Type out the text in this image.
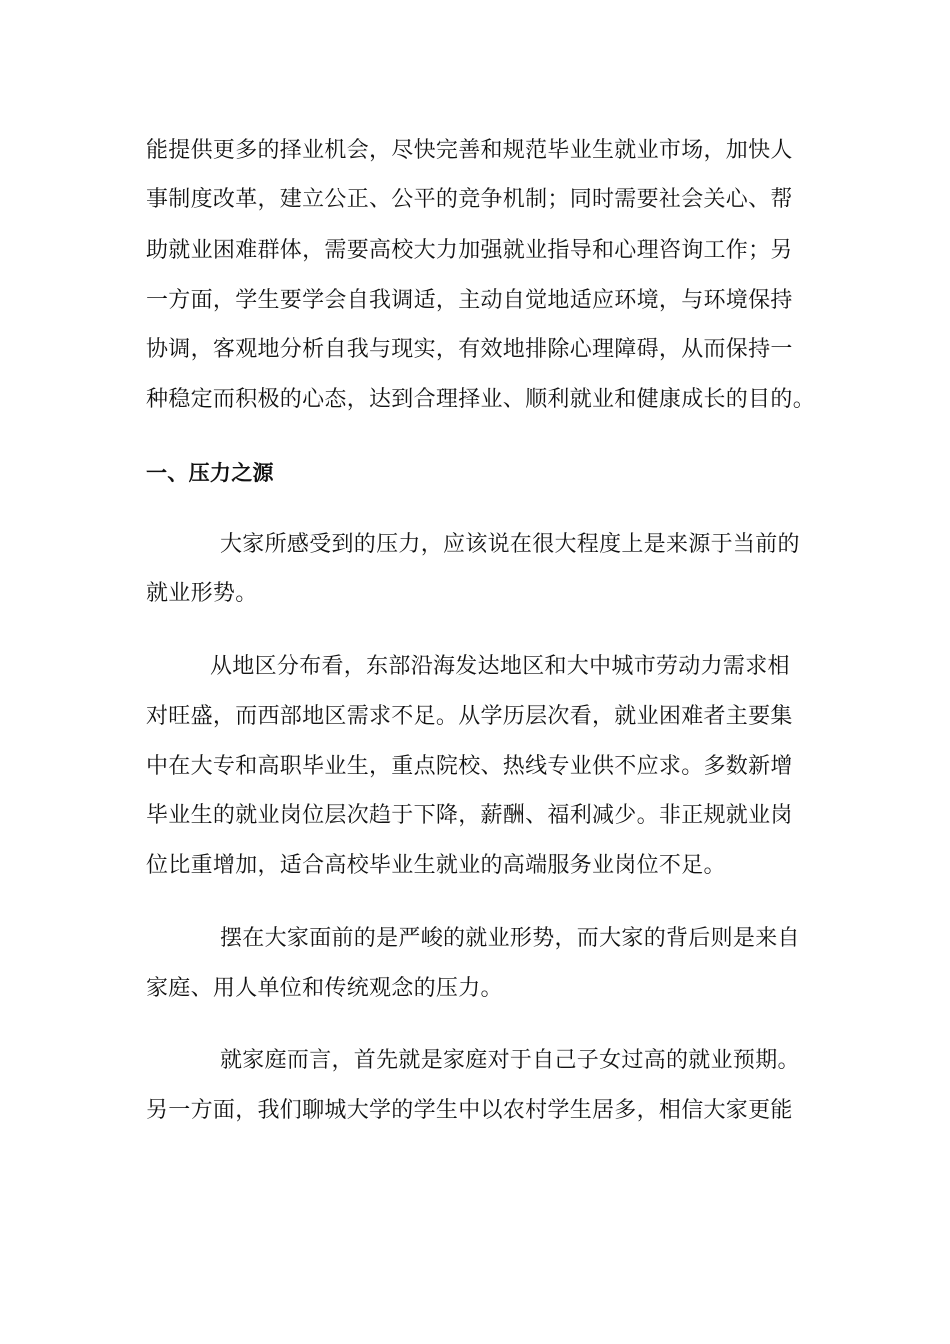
能提供更多的择业机会，尽快完善和规范毕业生就业市场，加快人
事制度改革，建立公正、公平的竞争机制；同时需要社会关心、帮
助就业困难群体，需要高校大力加强就业指导和心理咨询工作；另
一方面，学生要学会自我调适，主动自觉地适应环境，与环境保持
协调，客观地分析自我与现实，有效地排除心理障碍，从而保持一
种稳定而积极的心态，达到合理择业、顺利就业和健康成长的目的。
一、压力之源
大家所感受到的压力，应该说在很大程度上是来源于当前的
就业形势。
从地区分布看，东部沿海发达地区和大中城市劳动力需求相
对旺盛，而西部地区需求不足。从学历层次看，就业困难者主要集
中在大专和高职毕业生，重点院校、热线专业供不应求。多数新增
毕业生的就业岗位层次趋于下降，薪酬、福利减少。非正规就业岗
位比重增加，适合高校毕业生就业的高端服务业岗位不足。
摆在大家面前的是严峻的就业形势，而大家的背后则是来自
家庭、用人单位和传统观念的压力。
就家庭而言，首先就是家庭对于自己子女过高的就业预期。
另一方面，我们聊城大学的学生中以农村学生居多，相信大家更能
